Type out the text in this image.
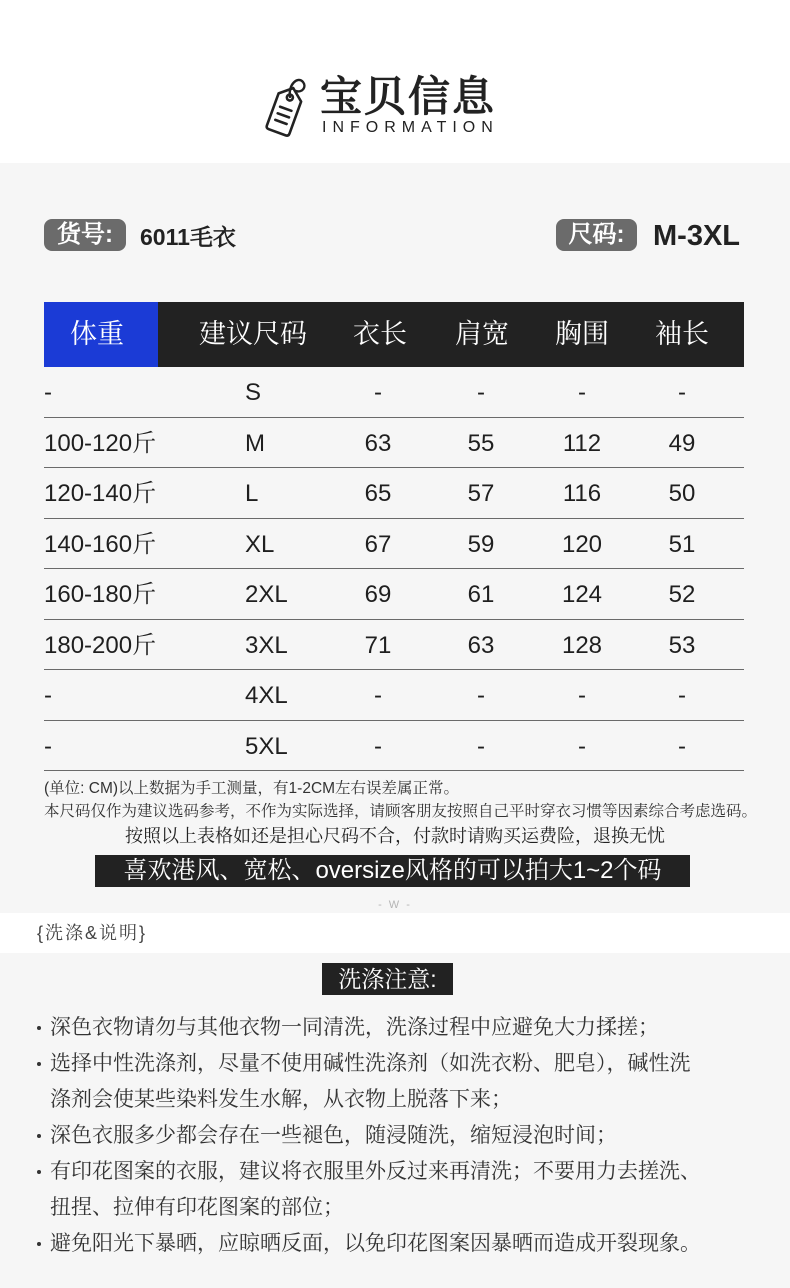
宝贝信息
INFORMATION
货号:	6011毛衣	尺码: M-3XL
体重	建议尺码	衣长	肩宽	胸围	袖长
-	S	-	-	-	-
100-120斤	M	63	55	112	49
120-140斤	L	65	57	116	50
140-160斤	XL	67	59	120	51
160-180斤	2XL	69	61	124	52
180-200斤	3XL	71	63	128	53
-	4XL	-	-	-	-
-	5XL	-	-	-	-
(单位: CM)以上数据为手工测量，有1-2CM左右误差属正常。
本尺码仅作为建议选码参考，不作为实际选择，请顾客朋友按照自己平时穿衣习惯等因素综合考虑选码。
按照以上表格如还是担心尺码不合，付款时请购买运费险，退换无忧
喜欢港风、宽松、oversize风格的可以拍大1~2个码
- W -
{洗涤&说明}
洗涤注意:
深色衣物请勿与其他衣物一同清洗，洗涤过程中应避免大力揉搓；
选择中性洗涤剂，尽量不使用碱性洗涤剂（如洗衣粉、肥皂），碱性洗
涤剂会使某些染料发生水解，从衣物上脱落下来；
深色衣服多少都会存在一些褪色，随浸随洗，缩短浸泡时间；
有印花图案的衣服，建议将衣服里外反过来再清洗；不要用力去搓洗、
扭捏、拉伸有印花图案的部位；
避免阳光下暴晒，应晾晒反面，以免印花图案因暴晒而造成开裂现象。
